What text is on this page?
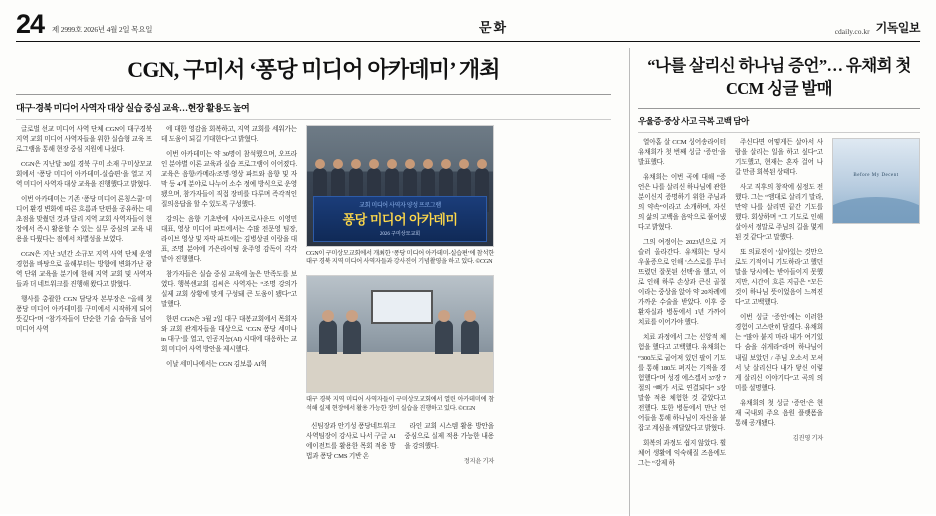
24 제 2999호 2026년 4월 2일 목요일	문화	cdaily.co.kr 기독일보
CGN, 구미서 ‘퐁당 미디어 아카데미’ 개최
대구·경북 미디어 사역자 대상 실습 중심 교육…현장 활용도 높여

글로벌 선교 미디어 사역 단체 CGN이 대구경북 지역 교회 미디어 사역자들을 위한 실습형 교육 프로그램을 통해 현장 중심 지원에 나섰다.

CGN은 지난달 30일 경북 구미 소재 구미상모교회에서 ‘퐁당 미디어 아카데미-실습편’을 열고 지역 미디어 사역자 대상 교육을 진행했다고 밝혔다.

이번 아카데미는 기존 ‘퐁당 미디어 론칭스쿨’ 미디어 환경 변화에 따른 흐름과 단편을 공유하는 데 초점을 맞췄던 것과 달리 지역 교회 사역자들이 현장에서 즉시 활용할 수 있는 실무 중심의 교육 내용을 다뤘다는 점에서 차별성을 보였다.

CGN은 지난 3년간 소규모 지역 사역 단체 운영 경험을 바탕으로 올해부터는 방향에 변화가난 광역 단위 교육을 분기에 한해 지역 교회 및 사역자들과 더 네트워크를 진행해 왔다고 밝혔다.

행사를 총괄한 CGN 담당자 본부장은 “올해 첫 퐁당 미디어 아카데미를 구미에서 시작하게 되어 뜻깊다”며 “참가자들이 단순한 기술 습득을 넘어 미디어 사역

에 대한 영감을 회복하고, 지역 교회를 세워가는 데 도움이 되길 기대한다”고 밝혔다.

이번 아카데미는 약 30명이 참석했으며, 오프라인 분야별 이론 교육과 실습 프로그램이 이어졌다. 교육은 음향/카메라/조명·영상 파트와 음향 및 자막 등 4개 분야로 나누어 소수 정예 방식으로 운영됐으며, 참가자들이 직접 장비를 다루며 즉각적인 질의응답을 할 수 있도록 구성했다.

강의는 음향 기초반에 샤아프로사운드 이영민 대표, 영상 미디어 파트에서는 수많 전문영 팀장, 라이브 영상 및 자막 파트에는 김병상권 이랑을 대표, 조명 분야에 가은라이팅 윤주영 감독이 각각 맡아 진행했다.

참가자들은 실습 중심 교육에 높은 만족도를 보였다. 행복센교회 김씨은 사역자는 “조명 강의가 실제 교회 상황에 맞게 구성돼 큰 도움이 됐다”고 말했다.

한편 CGN은 3월 2일 대구 대봉교회에서 목회자와 교회 관계자들을 대상으로 ‘CGN 퐁당 세미나 in 대구’를 열고, 인공지능(AI) 시대에 대응하는 교회 미디어 사역 방안을 제시했다.

이날 세미나에서는 CGN 김보름 AI혁

교회 미디어 사역자 양성 프로그램
퐁당 미디어 아카데미
2026 구미상모교회
CGN이 구미상모교회에서 개최한 ‘퐁당 미디어 아카데미-실습편’에 참석한 대구 경북 지역 미디어 사역자들과 강사진이 기념촬영을 하고 있다. ©CGN
대구 경북 지역 미디어 사역자들이 구미상모교회에서 열린 아카데미에 참석해 실제 현장에서 활용 가능한 장비 실습을 진행하고 있다. ©CGN

신팀장과 안기성 퐁당네트워크사역팀장이 강사로 나서 구글 AI 에이전트를 활용한 목회 적용 방법과 퐁당 CMS 기반 온

라인 교회 시스템 활용 방안을 중심으로 실제 적용 가능한 내용을 강의했다.

정지윤 기자
“나를 살리신 하나님 증언”… 유채희 첫 CCM 싱글 발매
우울증·중상 사고 극복 고백 담아

열아홉 살 CCM 싱어송라이터 유채희가 첫 번째 싱글 ‘증언’을 발표했다.

유채희는 이번 곡에 대해 “증언은 나를 살리신 하나님에 관한 분이신지 증명하기 위한 주님과의 약속”이라고 소개하며, 자신의 삶의 고백을 음악으로 풀어냈다고 밝혔다.

그의 여정이는 2023년으로 거슬러 올라간다. 유채희는 당시 우울증으로 인해 ‘스스로를 무너뜨렸던 잘못된 선택’을 했고, 이로 인해 하루 손상과 큰신 골절이라는 중상을 앉아 약 20차례에 가까운 수술을 받았다. 이후 중환자실과 병동에서 1년 가까이 치료를 이어가야 했다.

치료 과정에서 그는 신앙적 체험을 했다고 고백했다. 유채희는 “300도로 굽어져 있던 팔이 기도를 통해 180도 펴지는 기적을 경험했다”며 성경 에스겔서 37장 7절의 “뼈가 서로 연결되다” 3장 말씀 적용 체험한 것 같았다고 전했다. 또한 병동에서 만난 언어들을 통해 하나님이 자신을 붙잡고 계심을 깨달았다고 밝혔다.

회복의 과정도 쉽지 않았다. 휠체어 생활에 익숙해질 즈음에도 그는 “강제 하

주신다면 어떻게든 살아서 사람을 살리는 일을 하고 싶다”고 기도했고, 현재는 혼자 걸어 나갈 만큼 회복된 상태다.

사고 직후의 창작에 심정도 전했다. 그는 “앰대로 살리기 말라, 만약 나를 살리면 끝간 기도를 했다. 회상하며 “그 기도로 인해 살아서 정말로 주님의 길을 몇게 된 것 같다”고 말했다.

또 의료진이 ‘살아있는 것만으로도 기적이니 기도하라’고 했던 말을 당시에는 받아들이지 못했지만, 시간이 흐른 지금은 “모든 것이 하나님 뜻이었음이 느껴진다”고 고백했다.

이번 싱글 ‘증언’에는 이러한 경험이 고스란히 담겼다. 유채희는 “많아 붙지 마라 내가 여기있다 숨을 쉬게라”라며 하나님이 내릴 보았던 / 주님 오소서 모셔서 낮 살리신다 내가 닿신 이렇게 살리신 이야기다”고 곡의 의미를 설명했다.

유채희의 첫 싱글 ‘증언’은 현재 국내외 주요 음원 플랫폼을 통해 공개됐다.

김진영 기자
Before My Decent
